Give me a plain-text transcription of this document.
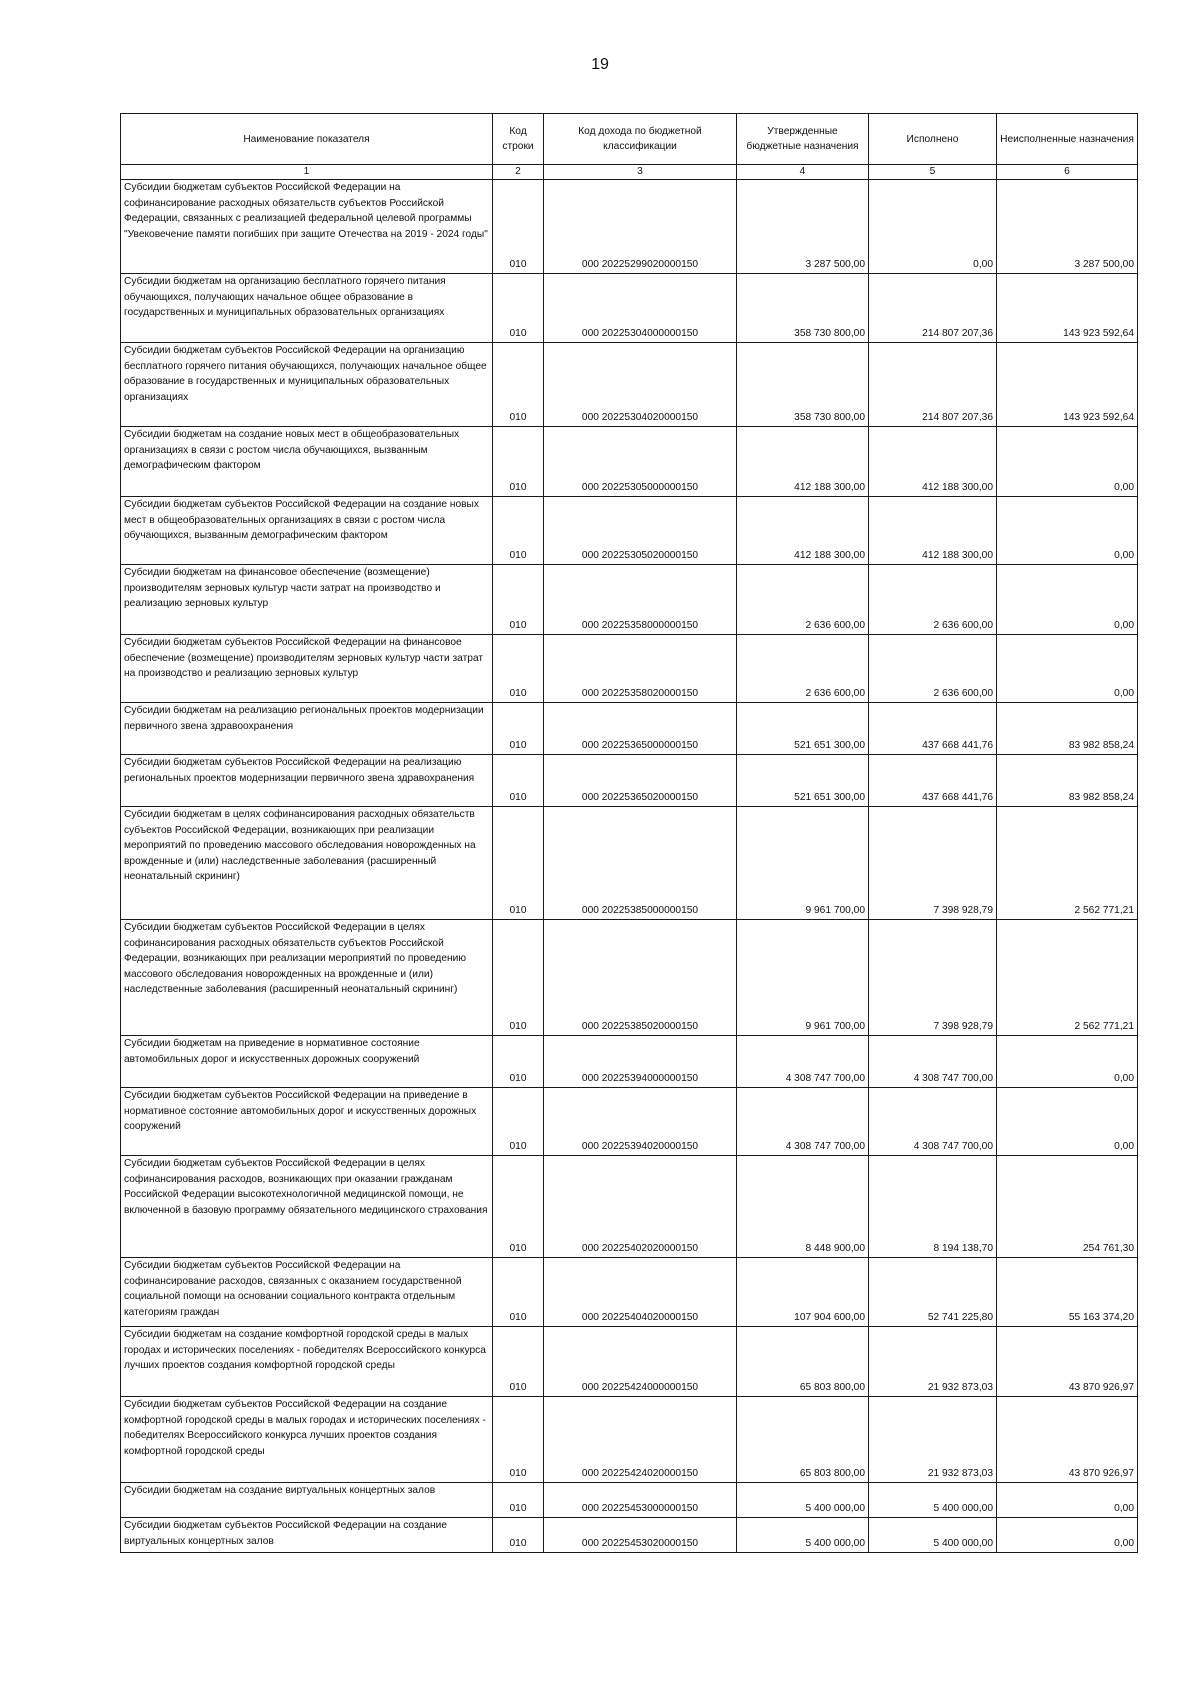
19
Наименование показателя	Код строки	Код дохода по бюджетной классификации	Утвержденные бюджетные назначения	Исполнено	Неисполненные назначения
1	2	3	4	5	6
Субсидии бюджетам субъектов Российской Федерации на софинансирование расходных обязательств субъектов Российской Федерации, связанных с реализацией федеральной целевой программы "Увековечение памяти погибших при защите Отечества на 2019 - 2024 годы"	010	000 20225299020000150	3 287 500,00	0,00	3 287 500,00
Субсидии бюджетам на организацию бесплатного горячего питания обучающихся, получающих начальное общее образование в государственных и муниципальных образовательных организациях	010	000 20225304000000150	358 730 800,00	214 807 207,36	143 923 592,64
Субсидии бюджетам субъектов Российской Федерации на организацию бесплатного горячего питания обучающихся, получающих начальное общее образование в государственных и муниципальных образовательных организациях	010	000 20225304020000150	358 730 800,00	214 807 207,36	143 923 592,64
Субсидии бюджетам на создание новых мест в общеобразовательных организациях в связи с ростом числа обучающихся, вызванным демографическим фактором	010	000 20225305000000150	412 188 300,00	412 188 300,00	0,00
Субсидии бюджетам субъектов Российской Федерации на создание новых мест в общеобразовательных организациях в связи с ростом числа обучающихся, вызванным демографическим фактором	010	000 20225305020000150	412 188 300,00	412 188 300,00	0,00
Субсидии бюджетам на финансовое обеспечение (возмещение) производителям зерновых культур части затрат на производство и реализацию зерновых культур	010	000 20225358000000150	2 636 600,00	2 636 600,00	0,00
Субсидии бюджетам субъектов Российской Федерации на финансовое обеспечение (возмещение) производителям зерновых культур части затрат на производство и реализацию зерновых культур	010	000 20225358020000150	2 636 600,00	2 636 600,00	0,00
Субсидии бюджетам на реализацию региональных проектов модернизации первичного звена здравоохранения	010	000 20225365000000150	521 651 300,00	437 668 441,76	83 982 858,24
Субсидии бюджетам субъектов Российской Федерации на реализацию региональных проектов модернизации первичного звена здравохранения	010	000 20225365020000150	521 651 300,00	437 668 441,76	83 982 858,24
Субсидии бюджетам в целях софинансирования расходных обязательств субъектов Российской Федерации, возникающих при реализации мероприятий по проведению массового обследования новорожденных на врожденные и (или) наследственные заболевания (расширенный неонатальный скрининг)	010	000 20225385000000150	9 961 700,00	7 398 928,79	2 562 771,21
Субсидии бюджетам субъектов Российской Федерации в целях софинансирования расходных обязательств субъектов Российской Федерации, возникающих при реализации мероприятий по проведению массового обследования новорожденных на врожденные и (или) наследственные заболевания (расширенный неонатальный скрининг)	010	000 20225385020000150	9 961 700,00	7 398 928,79	2 562 771,21
Субсидии бюджетам на приведение в нормативное состояние автомобильных дорог и искусственных дорожных сооружений	010	000 20225394000000150	4 308 747 700,00	4 308 747 700,00	0,00
Субсидии бюджетам субъектов Российской Федерации на приведение в нормативное состояние автомобильных дорог и искусственных дорожных сооружений	010	000 20225394020000150	4 308 747 700,00	4 308 747 700,00	0,00
Субсидии бюджетам субъектов Российской Федерации в целях софинансирования расходов, возникающих при оказании гражданам Российской Федерации высокотехнологичной медицинской помощи, не включенной в базовую программу обязательного медицинского страхования	010	000 20225402020000150	8 448 900,00	8 194 138,70	254 761,30
Субсидии бюджетам субъектов Российской Федерации на софинансирование расходов, связанных с оказанием государственной социальной помощи на основании социального контракта отдельным категориям граждан	010	000 20225404020000150	107 904 600,00	52 741 225,80	55 163 374,20
Субсидии бюджетам на создание комфортной городской среды в малых городах и исторических поселениях - победителях Всероссийского конкурса лучших проектов создания комфортной городской среды	010	000 20225424000000150	65 803 800,00	21 932 873,03	43 870 926,97
Субсидии бюджетам субъектов Российской Федерации на создание комфортной городской среды в малых городах и исторических поселениях - победителях Всероссийского конкурса лучших проектов создания комфортной городской среды	010	000 20225424020000150	65 803 800,00	21 932 873,03	43 870 926,97
Субсидии бюджетам на создание виртуальных концертных залов	010	000 20225453000000150	5 400 000,00	5 400 000,00	0,00
Субсидии бюджетам субъектов Российской Федерации на создание виртуальных концертных залов	010	000 20225453020000150	5 400 000,00	5 400 000,00	0,00
